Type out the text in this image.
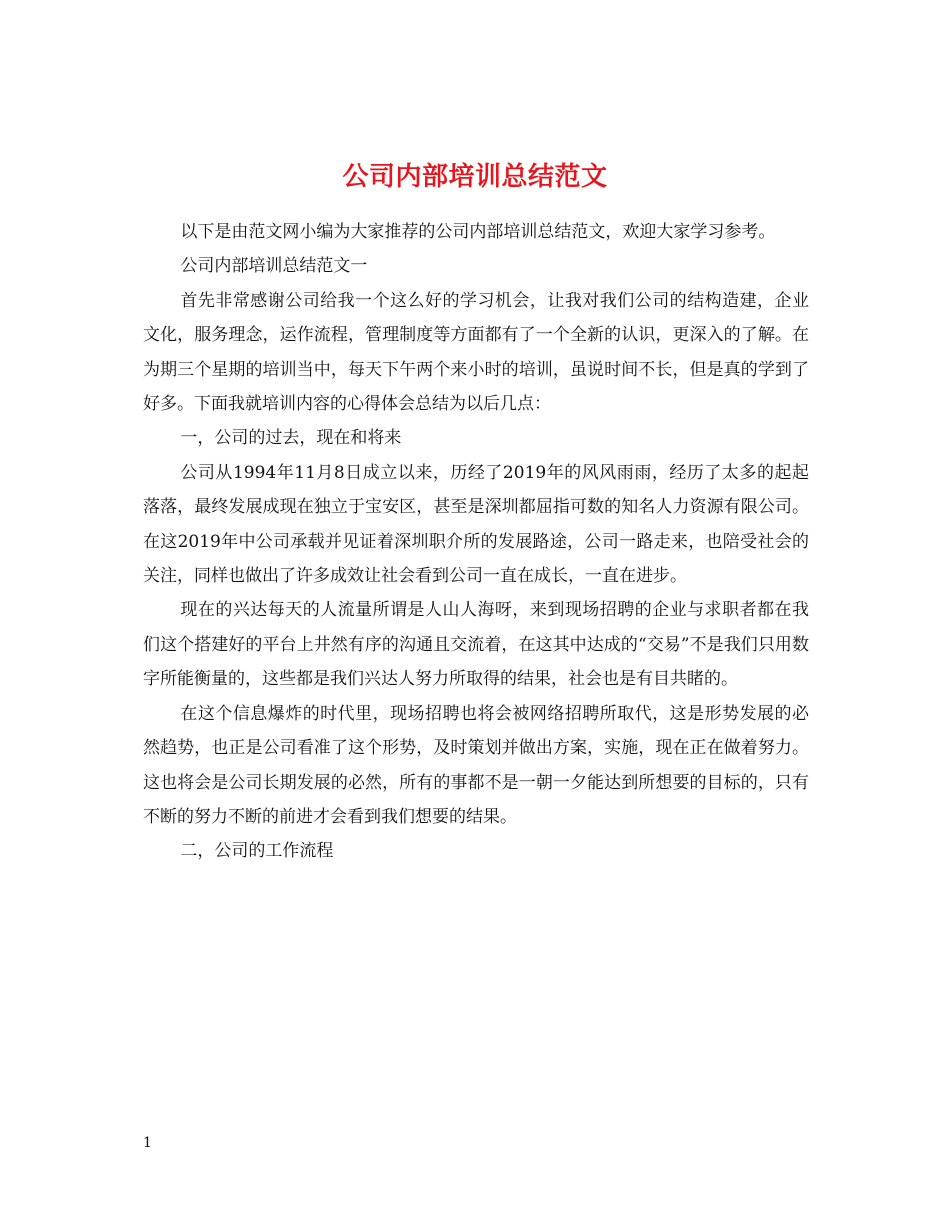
公司内部培训总结范文

以下是由范文网小编为大家推荐的公司内部培训总结范文，欢迎大家学习参考。

公司内部培训总结范文一

首先非常感谢公司给我一个这么好的学习机会，让我对我们公司的结构造建，企业文化，服务理念，运作流程，管理制度等方面都有了一个全新的认识，更深入的了解。在为期三个星期的培训当中，每天下午两个来小时的培训，虽说时间不长，但是真的学到了好多。下面我就培训内容的心得体会总结为以后几点：

一，公司的过去，现在和将来

公司从1994年11月8日成立以来，历经了2019年的风风雨雨，经历了太多的起起落落，最终发展成现在独立于宝安区，甚至是深圳都屈指可数的知名人力资源有限公司。在这2019年中公司承载并见证着深圳职介所的发展路途，公司一路走来，也陪受社会的关注，同样也做出了许多成效让社会看到公司一直在成长，一直在进步。

现在的兴达每天的人流量所谓是人山人海呀，来到现场招聘的企业与求职者都在我们这个搭建好的平台上井然有序的沟通且交流着，在这其中达成的“交易”不是我们只用数字所能衡量的，这些都是我们兴达人努力所取得的结果，社会也是有目共睹的。

在这个信息爆炸的时代里，现场招聘也将会被网络招聘所取代，这是形势发展的必然趋势，也正是公司看准了这个形势，及时策划并做出方案，实施，现在正在做着努力。这也将会是公司长期发展的必然，所有的事都不是一朝一夕能达到所想要的目标的，只有不断的努力不断的前进才会看到我们想要的结果。

二，公司的工作流程

1
